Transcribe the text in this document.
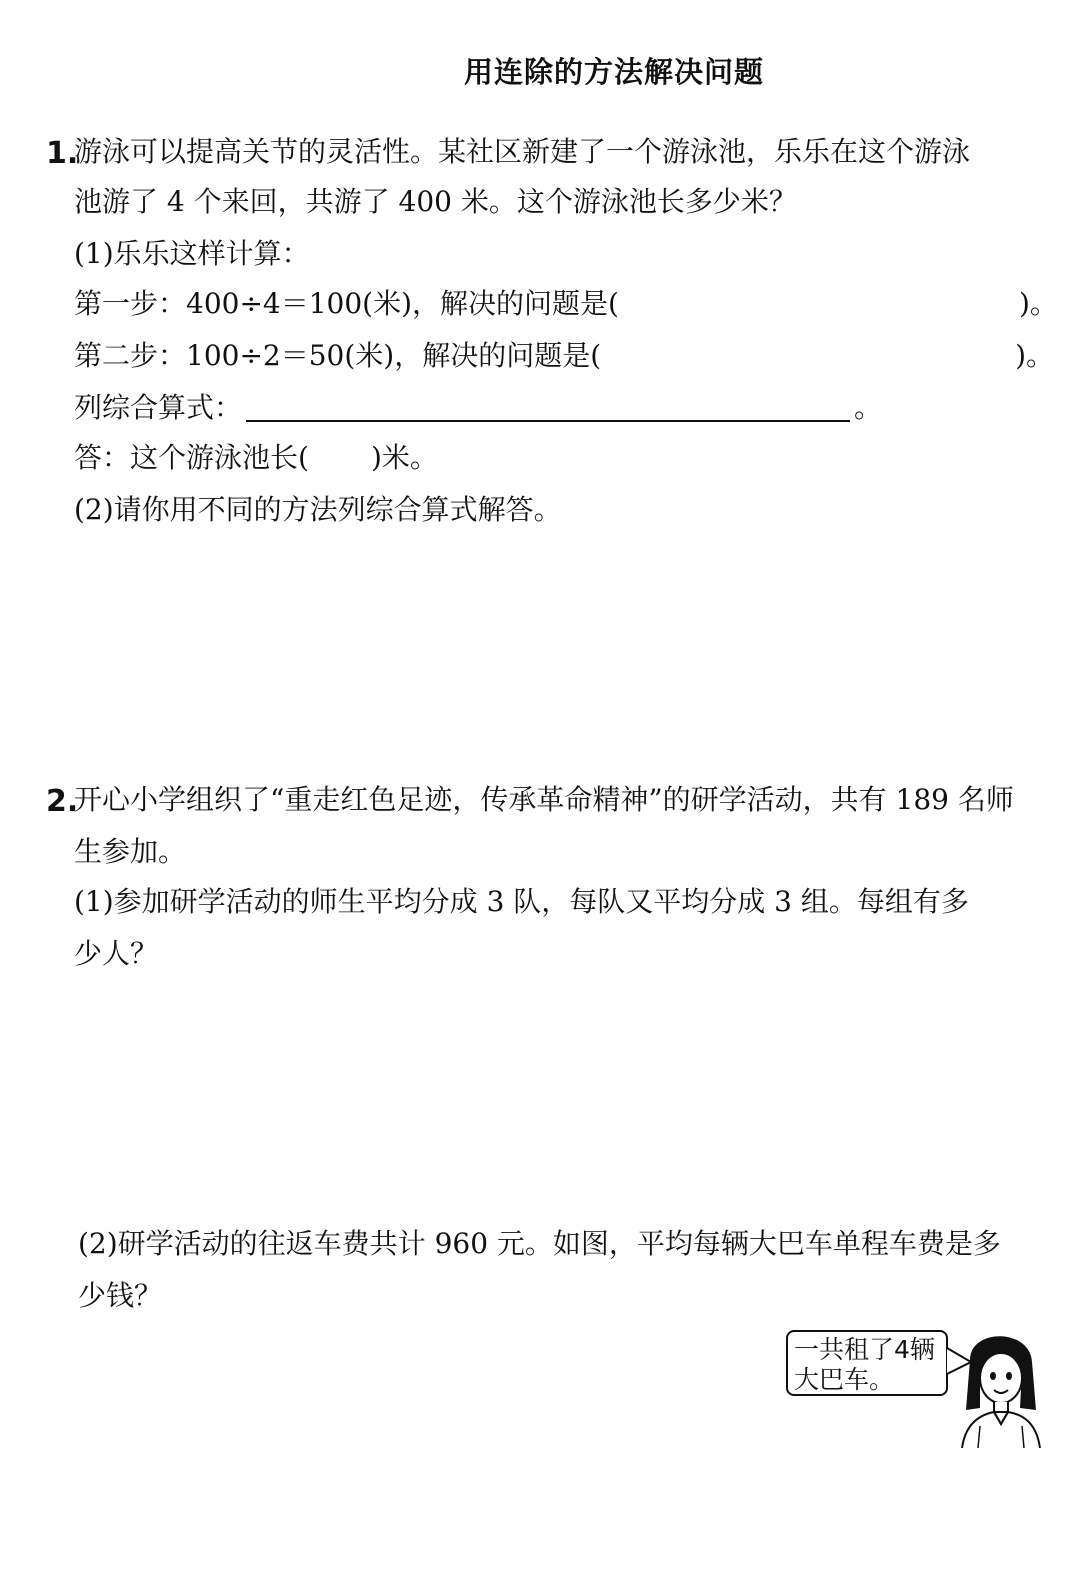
用连除的方法解决问题
1.
游泳可以提高关节的灵活性。某社区新建了一个游泳池，乐乐在这个游泳
池游了 4 个来回，共游了 400 米。这个游泳池长多少米？
(1)乐乐这样计算：
第一步：400÷4＝100(米)，解决的问题是(	)。
第二步：100÷2＝50(米)，解决的问题是(	)。
列综合算式：	。
答：这个游泳池长( )米。
(2)请你用不同的方法列综合算式解答。
2.
开心小学组织了“重走红色足迹，传承革命精神”的研学活动，共有 189 名师
生参加。
(1)参加研学活动的师生平均分成 3 队，每队又平均分成 3 组。每组有多
少人？
(2)研学活动的往返车费共计 960 元。如图，平均每辆大巴车单程车费是多
少钱？
一共租了4辆
大巴车。
